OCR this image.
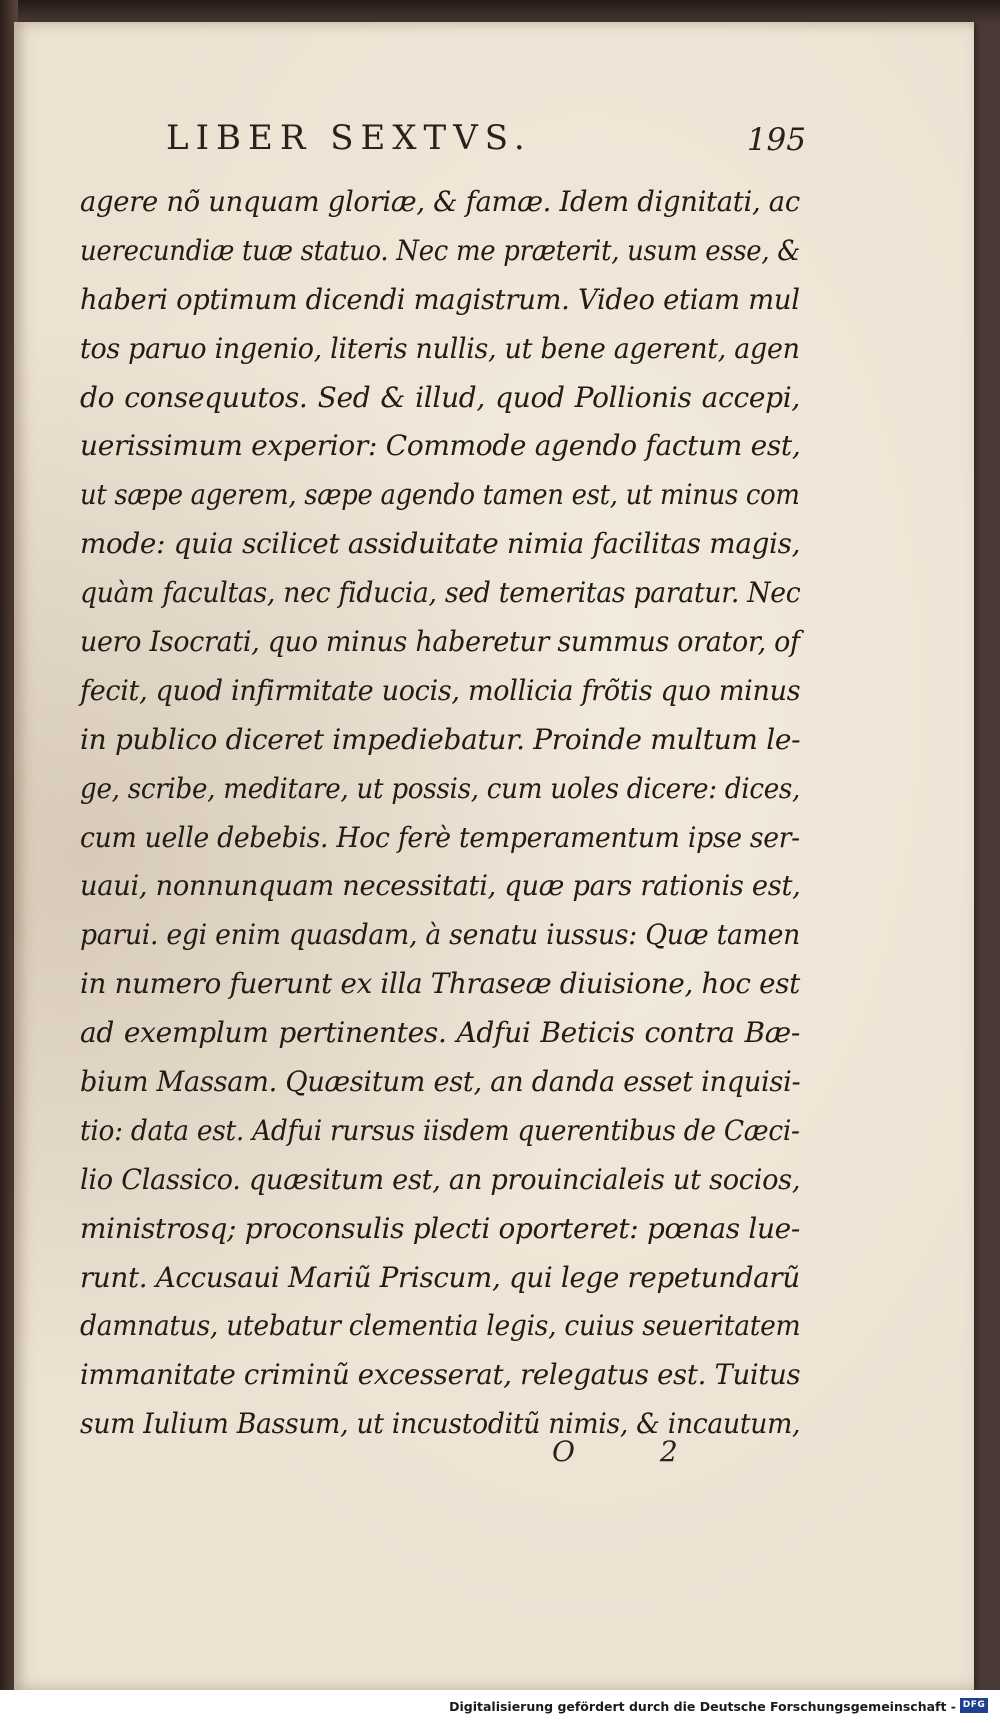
LIBER SEXTVS.	195
agere nõ unquam gloriæ, & famæ. Idem dignitati, ac
uerecundiæ tuæ statuo. Nec me præterit, usum esse, &
haberi optimum dicendi magistrum. Video etiam mul
tos paruo ingenio, literis nullis, ut bene agerent, agen
do consequutos. Sed & illud, quod Pollionis accepi,
uerissimum experior: Commode agendo factum est,
ut sæpe agerem, sæpe agendo tamen est, ut minus com
mode: quia scilicet assiduitate nimia facilitas magis,
quàm facultas, nec fiducia, sed temeritas paratur. Nec
uero Isocrati, quo minus haberetur summus orator, of
fecit, quod infirmitate uocis, mollicia frõtis quo minus
in publico diceret impediebatur. Proinde multum le-
ge, scribe, meditare, ut possis, cum uoles dicere: dices,
cum uelle debebis. Hoc ferè temperamentum ipse ser-
uaui, nonnunquam necessitati, quæ pars rationis est,
parui. egi enim quasdam, à senatu iussus: Quæ tamen
in numero fuerunt ex illa Thraseæ diuisione, hoc est
ad exemplum pertinentes. Adfui Beticis contra Bæ-
bium Massam. Quæsitum est, an danda esset inquisi-
tio: data est. Adfui rursus iisdem querentibus de Cæci-
lio Classico. quæsitum est, an prouincialeis ut socios,
ministrosq; proconsulis plecti oporteret: pœnas lue-
runt. Accusaui Mariũ Priscum, qui lege repetundarũ
damnatus, utebatur clementia legis, cuius seueritatem
immanitate criminũ excesserat, relegatus est. Tuitus
sum Iulium Bassum, ut incustoditũ nimis, & incautum,
O 2
Digitalisierung gefördert durch die Deutsche Forschungsgemeinschaft - DFG
